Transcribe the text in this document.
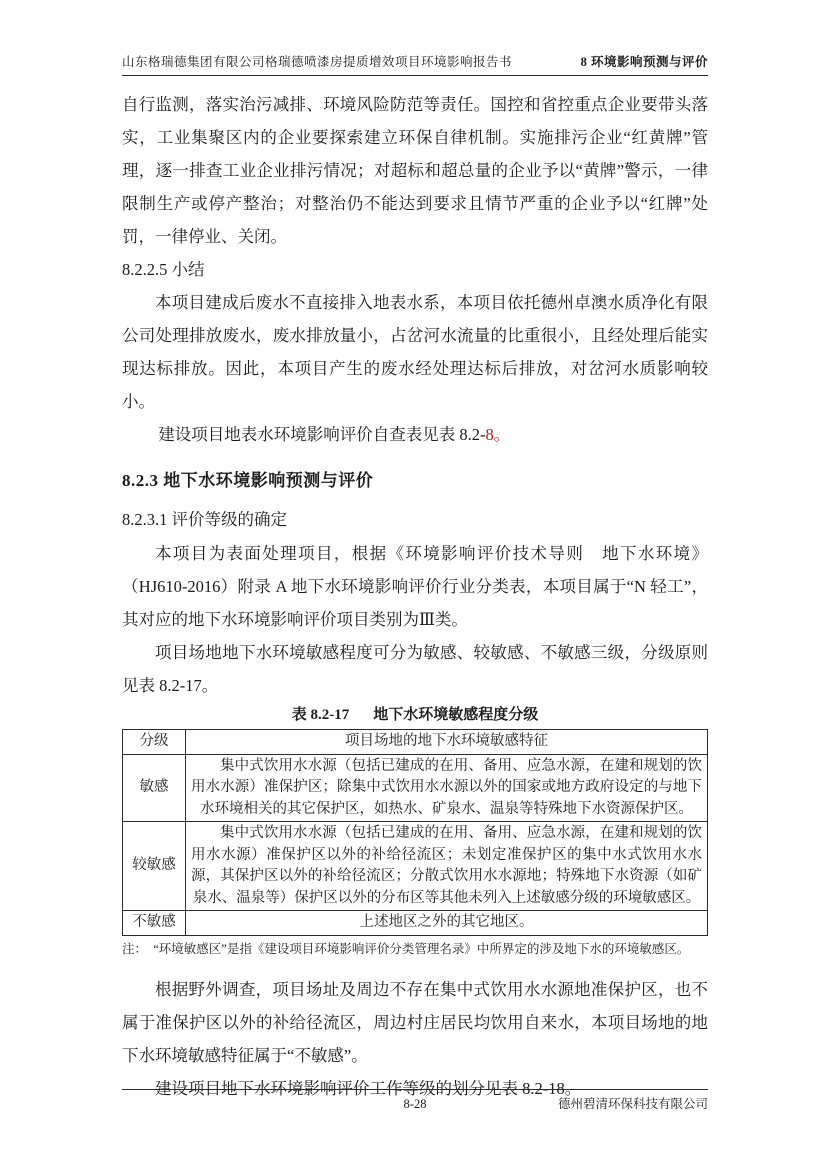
山东格瑞德集团有限公司格瑞德喷漆房提质增效项目环境影响报告书	8 环境影响预测与评价

自行监测，落实治污减排、环境风险防范等责任。国控和省控重点企业要带头落实，工业集聚区内的企业要探索建立环保自律机制。实施排污企业“红黄牌”管理，逐一排查工业企业排污情况；对超标和超总量的企业予以“黄牌”警示，一律限制生产或停产整治；对整治仍不能达到要求且情节严重的企业予以“红牌”处罚，一律停业、关闭。

8.2.2.5 小结

本项目建成后废水不直接排入地表水系，本项目依托德州卓澳水质净化有限公司处理排放废水，废水排放量小，占岔河水流量的比重很小，且经处理后能实现达标排放。因此，本项目产生的废水经处理达标后排放，对岔河水质影响较小。

建设项目地表水环境影响评价自查表见表 8.2-8。

8.2.3 地下水环境影响预测与评价

8.2.3.1 评价等级的确定

本项目为表面处理项目，根据《环境影响评价技术导则　地下水环境》（HJ610-2016）附录 A 地下水环境影响评价行业分类表，本项目属于“N 轻工”，其对应的地下水环境影响评价项目类别为Ⅲ类。

项目场地地下水环境敏感程度可分为敏感、较敏感、不敏感三级，分级原则见表 8.2-17。

表 8.2-17 地下水环境敏感程度分级
分级	项目场地的地下水环境敏感特征
敏感	集中式饮用水水源（包括已建成的在用、备用、应急水源，在建和规划的饮用水水源）准保护区；除集中式饮用水水源以外的国家或地方政府设定的与地下水环境相关的其它保护区，如热水、矿泉水、温泉等特殊地下水资源保护区。
较敏感	集中式饮用水水源（包括已建成的在用、备用、应急水源，在建和规划的饮用水水源）准保护区以外的补给径流区；未划定准保护区的集中水式饮用水水源，其保护区以外的补给径流区；分散式饮用水水源地；特殊地下水资源（如矿泉水、温泉等）保护区以外的分布区等其他未列入上述敏感分级的环境敏感区。
不敏感	上述地区之外的其它地区。

注：　“环境敏感区”是指《建设项目环境影响评价分类管理名录》中所界定的涉及地下水的环境敏感区。

根据野外调查，项目场址及周边不存在集中式饮用水水源地准保护区，也不属于准保护区以外的补给径流区，周边村庄居民均饮用自来水，本项目场地的地下水环境敏感特征属于“不敏感”。

建设项目地下水环境影响评价工作等级的划分见表 8.2-18。

8-28	德州碧清环保科技有限公司
